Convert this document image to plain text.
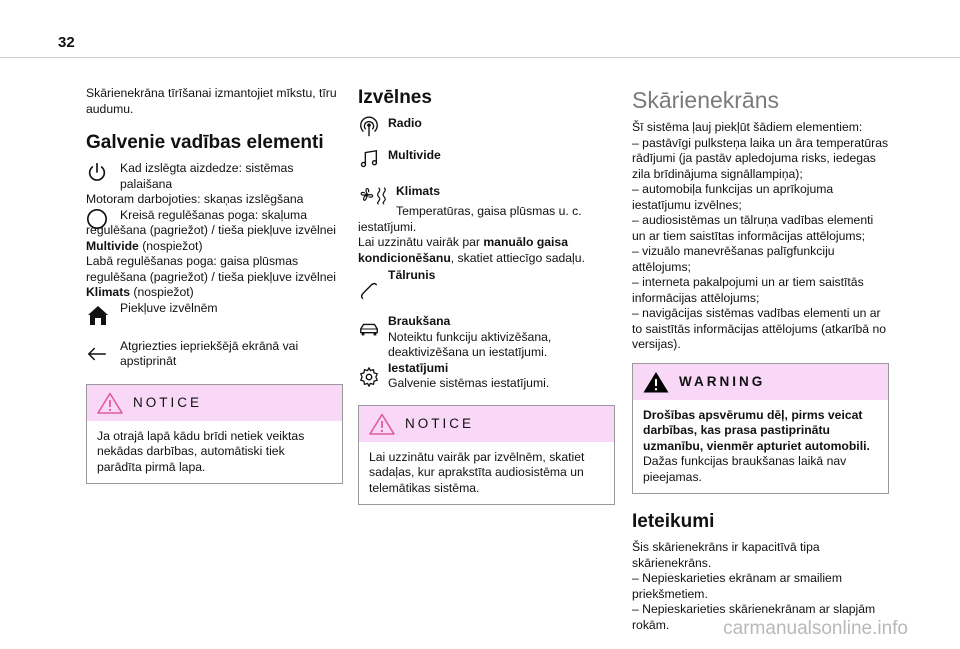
32

Skārienekrāna tīrīšanai izmantojiet mīkstu, tīru audumu.

Galvenie vadības elementi

Kad izslēgta aizdedze: sistēmas palaišana

Motoram darbojoties: skaņas izslēgšana

Kreisā regulēšanas poga: skaļuma regulēšana (pagriežot) / tieša piekļuve izvēlnei Multivide (nospiežot)

Labā regulēšanas poga: gaisa plūsmas regulēšana (pagriežot) / tieša piekļuve izvēlnei Klimats (nospiežot)

Piekļuve izvēlnēm

Atgriezties iepriekšējā ekrānā vai apstiprināt

NOTICE
Ja otrajā lapā kādu brīdi netiek veiktas nekādas darbības, automātiski tiek parādīta pirmā lapa.
Izvēlnes
Radio
Multivide
Klimats

Temperatūras, gaisa plūsmas u. c. iestatījumi.

Lai uzzinātu vairāk par manuālo gaisa kondicionēšanu, skatiet attiecīgo sadaļu.

Tālrunis
Braukšana
Noteiktu funkciju aktivizēšana, deaktivizēšana un iestatījumi.
Iestatījumi
Galvenie sistēmas iestatījumi.
NOTICE
Lai uzzinātu vairāk par izvēlnēm, skatiet sadaļas, kur aprakstīta audiosistēma un telemātikas sistēma.
Skārienekrāns

Šī sistēma ļauj piekļūt šādiem elementiem:

– pastāvīgi pulksteņa laika un āra temperatūras rādījumi (ja pastāv apledojuma risks, iedegas zila brīdinājuma signāllampiņa);

– automobiļa funkcijas un aprīkojuma iestatījumu izvēlnes;

– audiosistēmas un tālruņa vadības elementi un ar tiem saistītas informācijas attēlojums;

– vizuālo manevrēšanas palīgfunkciju attēlojums;

– interneta pakalpojumi un ar tiem saistītās informācijas attēlojums;

– navigācijas sistēmas vadības elementi un ar to saistītās informācijas attēlojums (atkarībā no versijas).

WARNING
Drošības apsvērumu dēļ, pirms veicat darbības, kas prasa pastiprinātu uzmanību, vienmēr apturiet automobili.

Dažas funkcijas braukšanas laikā nav pieejamas.

Ieteikumi

Šis skārienekrāns ir kapacitīvā tipa skārienekrāns.

– Nepieskarieties ekrānam ar smailiem priekšmetiem.

– Nepieskarieties skārienekrānam ar slapjām rokām.	carmanualsonline.info
